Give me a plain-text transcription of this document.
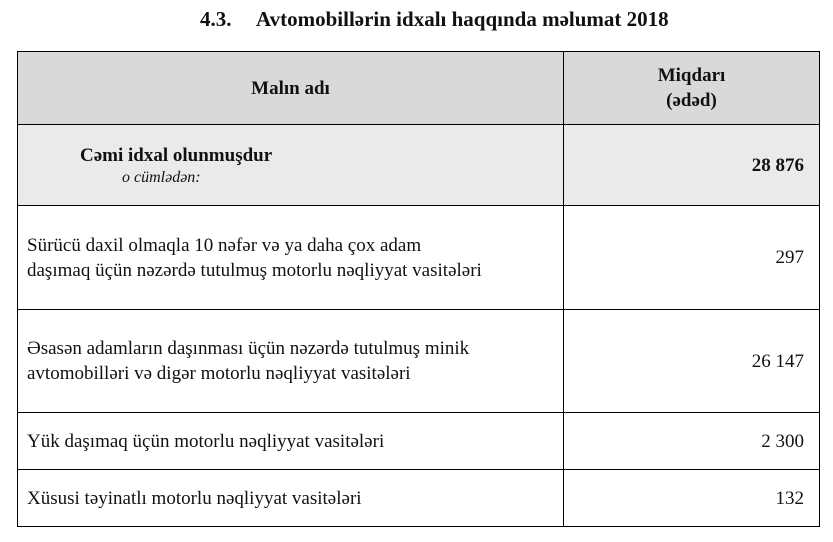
4.3. Avtomobillərin idxalı haqqında məlumat 2018
Malın adı	Miqdarı
(ədəd)

Cəmi idxal olunmuşdur
o cümlədən:	28 876
Sürücü daxil olmaqla 10 nəfər və ya daha çox adam
daşımaq üçün nəzərdə tutulmuş motorlu nəqliyyat vasitələri	297
Əsasən adamların daşınması üçün nəzərdə tutulmuş minik
avtomobilləri və digər motorlu nəqliyyat vasitələri	26 147
Yük daşımaq üçün motorlu nəqliyyat vasitələri	2 300
Xüsusi təyinatlı motorlu nəqliyyat vasitələri	132
